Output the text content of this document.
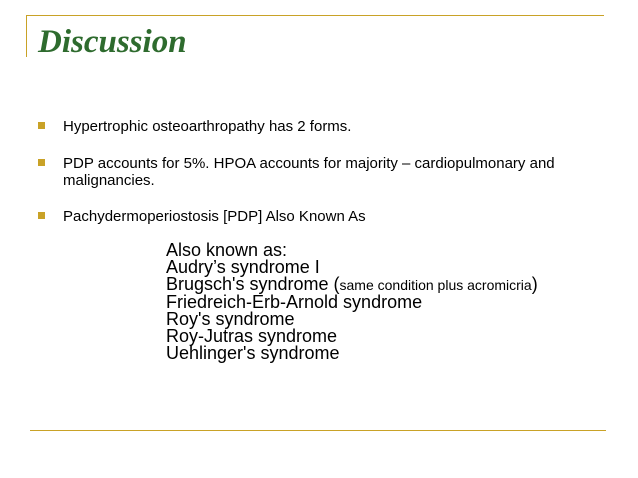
Discussion
Hypertrophic osteoarthropathy has 2 forms.
PDP accounts for 5%. HPOA accounts for majority – cardiopulmonary and malignancies.
Pachydermoperiostosis [PDP] Also Known As
Also known as:
Audry’s syndrome I
Brugsch's syndrome (same condition plus acromicria)
Friedreich-Erb-Arnold syndrome
Roy's syndrome
Roy-Jutras syndrome
Uehlinger's syndrome
